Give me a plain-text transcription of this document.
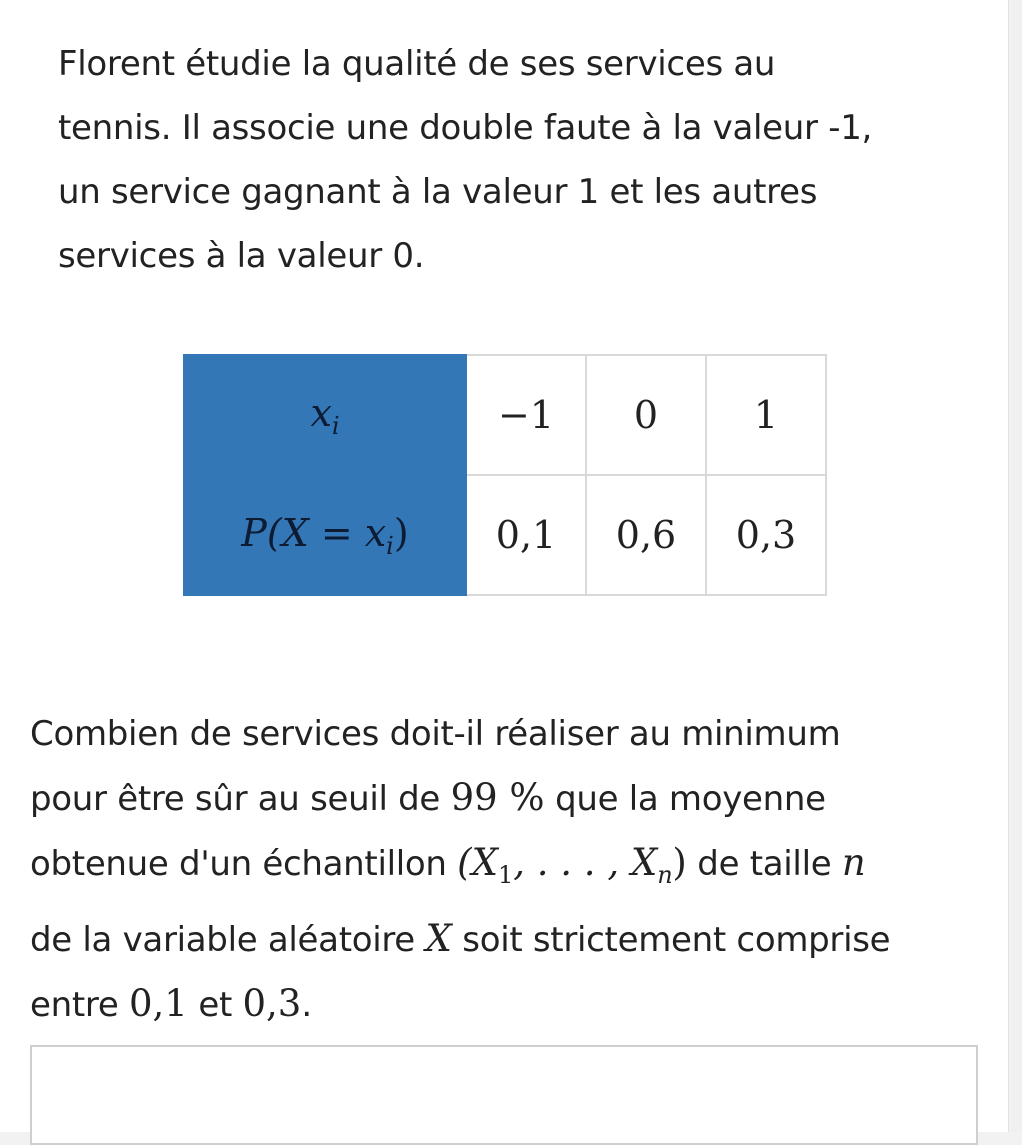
Florent étudie la qualité de ses services au
tennis. Il associe une double faute à la valeur -1,
un service gagnant à la valeur 1 et les autres
services à la valeur 0.
$x_i$	−1	0	1
$P(X = x_i)$	0,1	0,6	0,3
Combien de services doit-il réaliser au minimum
pour être sûr au seuil de 99 % que la moyenne
obtenue d'un échantillon ($X_1$, . . . , $X_n$) de taille n
de la variable aléatoire X soit strictement comprise
entre 0,1 et 0,3.
